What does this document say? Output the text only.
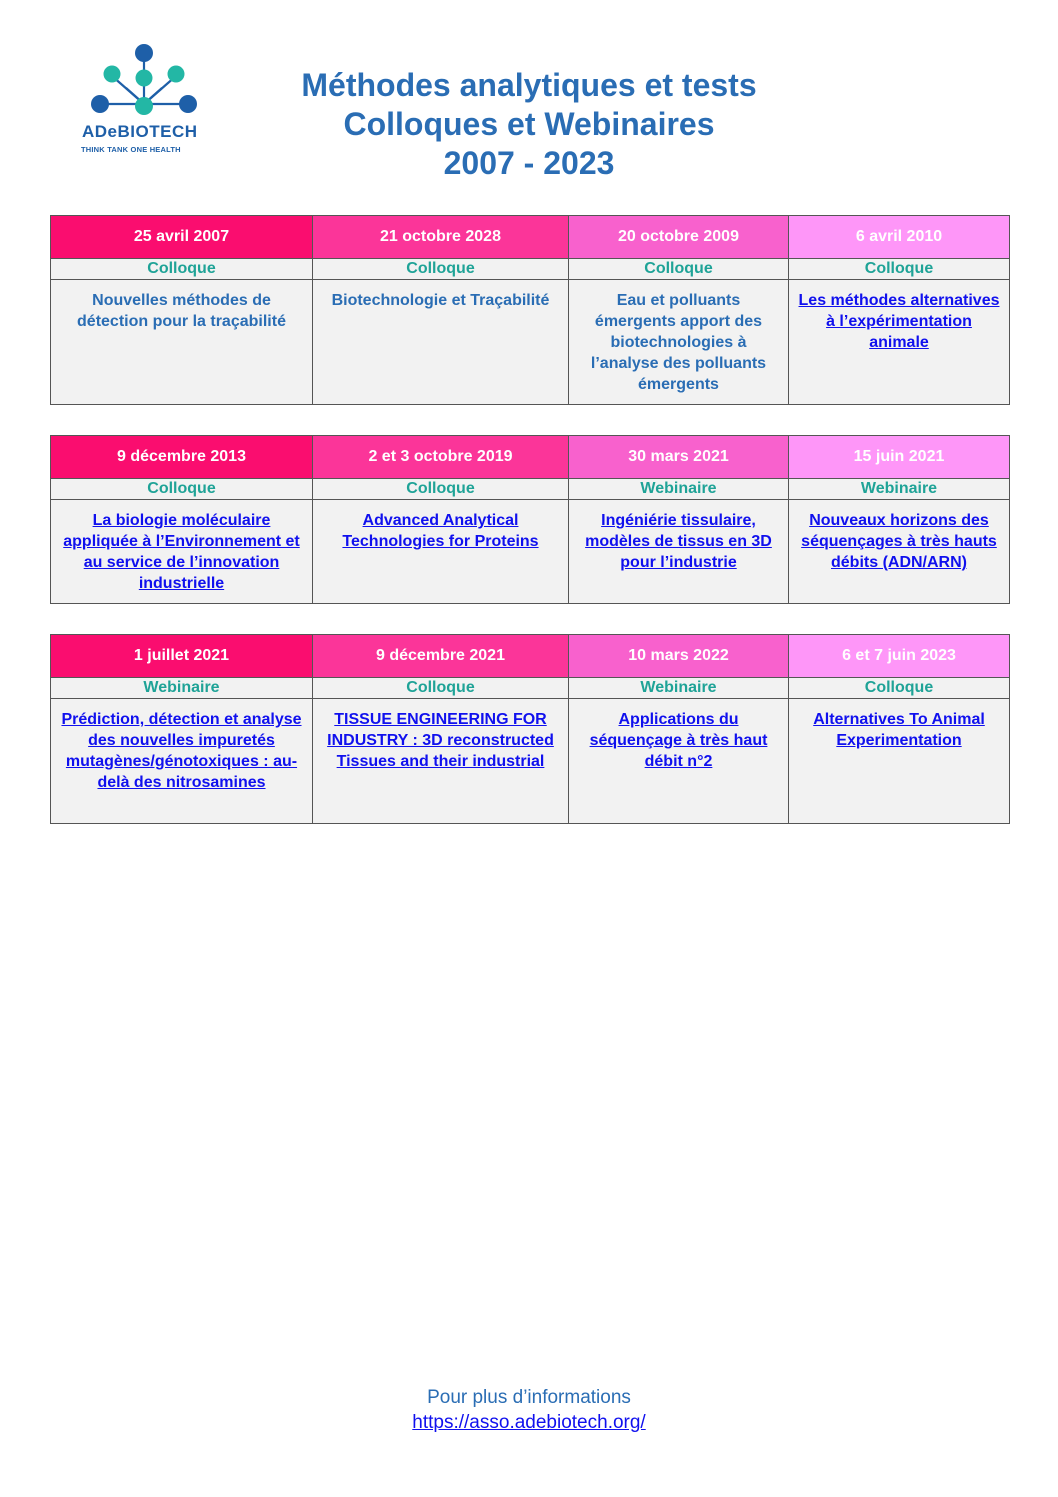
ADeBIOTECH
THINK TANK ONE HEALTH
Méthodes analytiques et tests
Colloques et Webinaires
2007 - 2023
25 avril 2007	21 octobre 2028	20 octobre 2009	6 avril 2010
Colloque	Colloque	Colloque	Colloque
Nouvelles méthodes de détection pour la traçabilité	Biotechnologie et Traçabilité	Eau et polluants émergents apport des biotechnologies à l’analyse des polluants émergents	Les méthodes alternatives à l’expérimentation animale
9 décembre 2013	2 et 3 octobre 2019	30 mars 2021	15 juin 2021
Colloque	Colloque	Webinaire	Webinaire
La biologie moléculaire appliquée à l’Environnement et au service de l’innovation industrielle	Advanced Analytical Technologies for Proteins	Ingéniérie tissulaire, modèles de tissus en 3D pour l’industrie	Nouveaux horizons des séquençages à très hauts débits (ADN/ARN)
1 juillet 2021	9 décembre 2021	10 mars 2022	6 et 7 juin 2023
Webinaire	Colloque	Webinaire	Colloque
Prédiction, détection et analyse des nouvelles impuretés mutagènes/génotoxiques : au-delà des nitrosamines	TISSUE ENGINEERING FOR INDUSTRY : 3D reconstructed Tissues and their industrial	Applications du séquençage à très haut débit n°2	Alternatives To Animal Experimentation
Pour plus d’informations
https://asso.adebiotech.org/
